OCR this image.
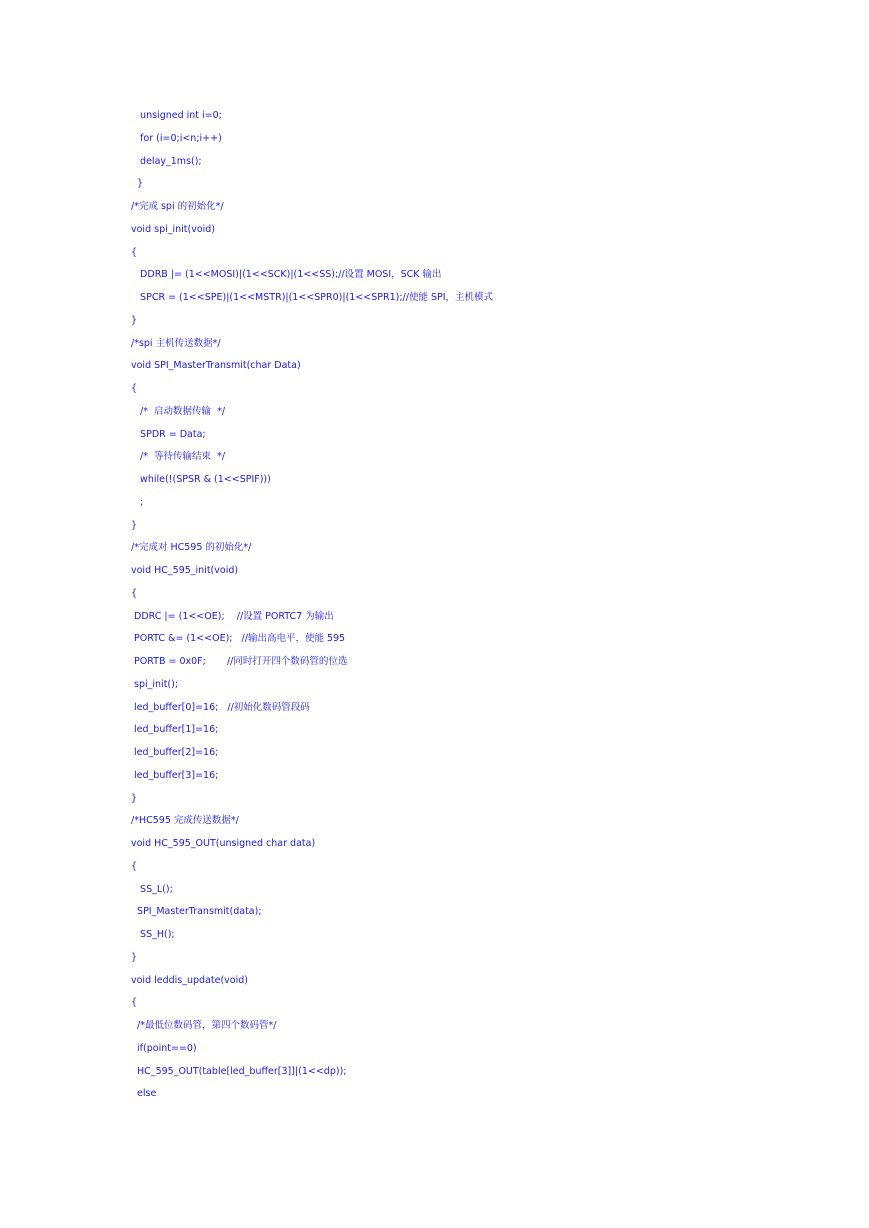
unsigned int i=0;
for (i=0;i<n;i++)
delay_1ms();
}
/*完成 spi 的初始化*/
void spi_init(void)
{
DDRB |= (1<<MOSI)|(1<<SCK)|(1<<SS);//设置 MOSI，SCK 输出
SPCR = (1<<SPE)|(1<<MSTR)|(1<<SPR0)|(1<<SPR1);//使能 SPI，主机模式
}
/*spi 主机传送数据*/
void SPI_MasterTransmit(char Data)
{
/*  启动数据传输  */
SPDR = Data;
/*  等待传输结束  */
while(!(SPSR & (1<<SPIF)))
;
}
/*完成对 HC595 的初始化*/
void HC_595_init(void)
{
DDRC |= (1<<OE);    //设置 PORTC7 为输出
PORTC &= (1<<OE);   //输出高电平，使能 595
PORTB = 0x0F;       //同时打开四个数码管的位选
spi_init();
led_buffer[0]=16;   //初始化数码管段码
led_buffer[1]=16;
led_buffer[2]=16;
led_buffer[3]=16;
}
/*HC595 完成传送数据*/
void HC_595_OUT(unsigned char data)
{
SS_L();
SPI_MasterTransmit(data);
SS_H();
}
void leddis_update(void)
{
/*最低位数码管，第四个数码管*/
if(point==0)
HC_595_OUT(table[led_buffer[3]]|(1<<dp));
else
